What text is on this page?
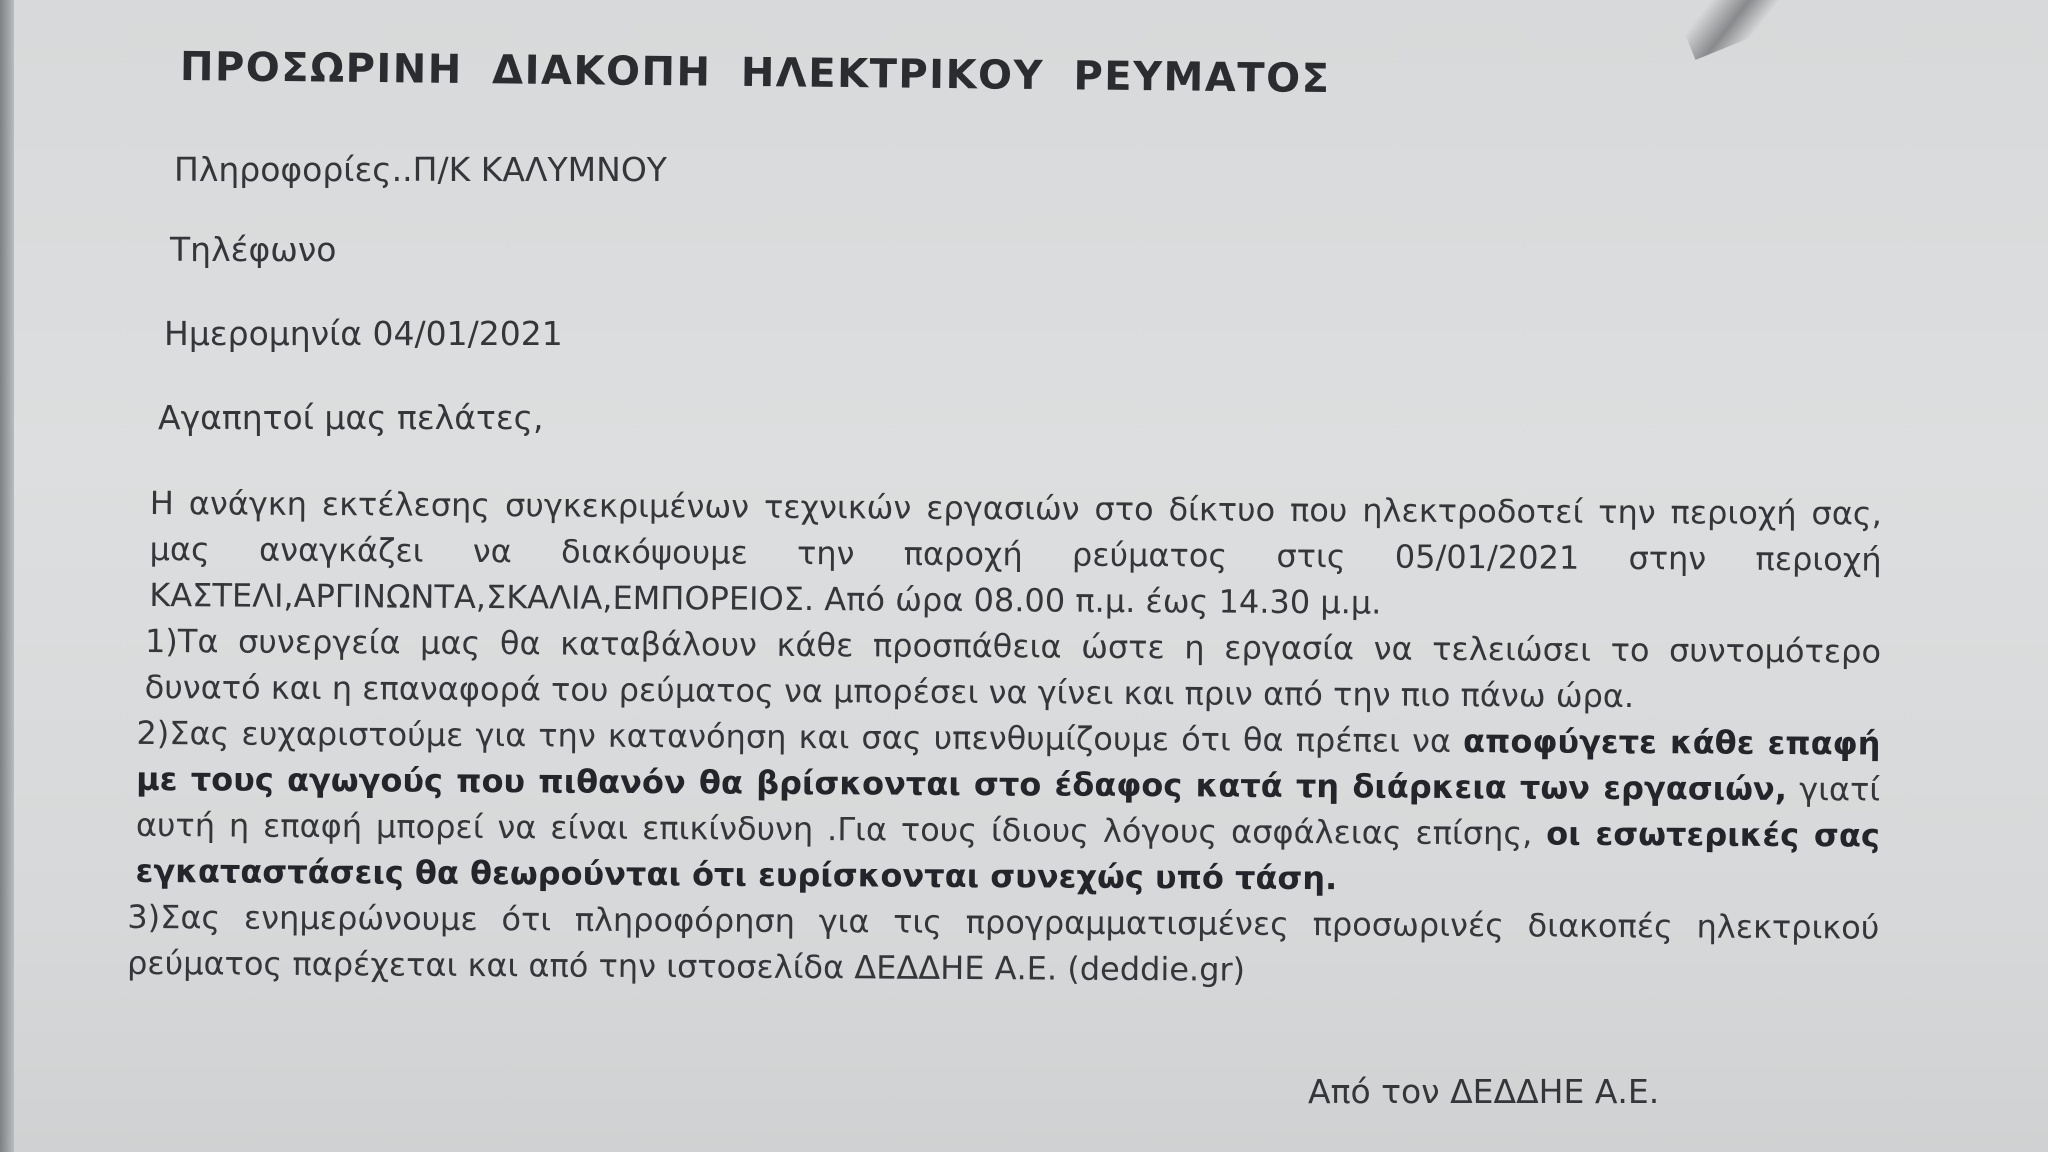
ΠΡΟΣΩΡΙΝΗ ΔΙΑΚΟΠΗ ΗΛΕΚΤΡΙΚΟΥ ΡΕΥΜΑΤΟΣ
Πληροφορίες..Π/Κ ΚΑΛΥΜΝΟΥ
Τηλέφωνο
Ημερομηνία 04/01/2021
Αγαπητοί μας πελάτες,

Η ανάγκη εκτέλεσης συγκεκριμένων τεχνικών εργασιών στο δίκτυο που ηλεκτροδοτεί την περιοχή σας, μας αναγκάζει να διακόψουμε την παροχή ρεύματος στις 05/01/2021 στην περιοχή ΚΑΣΤΕΛΙ,ΑΡΓΙΝΩΝΤΑ,ΣΚΑΛΙΑ,ΕΜΠΟΡΕΙΟΣ. Από ώρα 08.00 π.μ. έως 14.30 μ.μ.

1)Τα συνεργεία μας θα καταβάλουν κάθε προσπάθεια ώστε η εργασία να τελειώσει το συντομότερο δυνατό και η επαναφορά του ρεύματος να μπορέσει να γίνει και πριν από την πιο πάνω ώρα.

2)Σας ευχαριστούμε για την κατανόηση και σας υπενθυμίζουμε ότι θα πρέπει να αποφύγετε κάθε επαφή με τους αγωγούς που πιθανόν θα βρίσκονται στο έδαφος κατά τη διάρκεια των εργασιών, γιατί αυτή η επαφή μπορεί να είναι επικίνδυνη .Για τους ίδιους λόγους ασφάλειας επίσης, οι εσωτερικές σας εγκαταστάσεις θα θεωρούνται ότι ευρίσκονται συνεχώς υπό τάση.

3)Σας ενημερώνουμε ότι πληροφόρηση για τις προγραμματισμένες προσωρινές διακοπές ηλεκτρικού ρεύματος παρέχεται και από την ιστοσελίδα ΔΕΔΔΗΕ Α.Ε. (deddie.gr)

Από τον ΔΕΔΔΗΕ Α.Ε.
